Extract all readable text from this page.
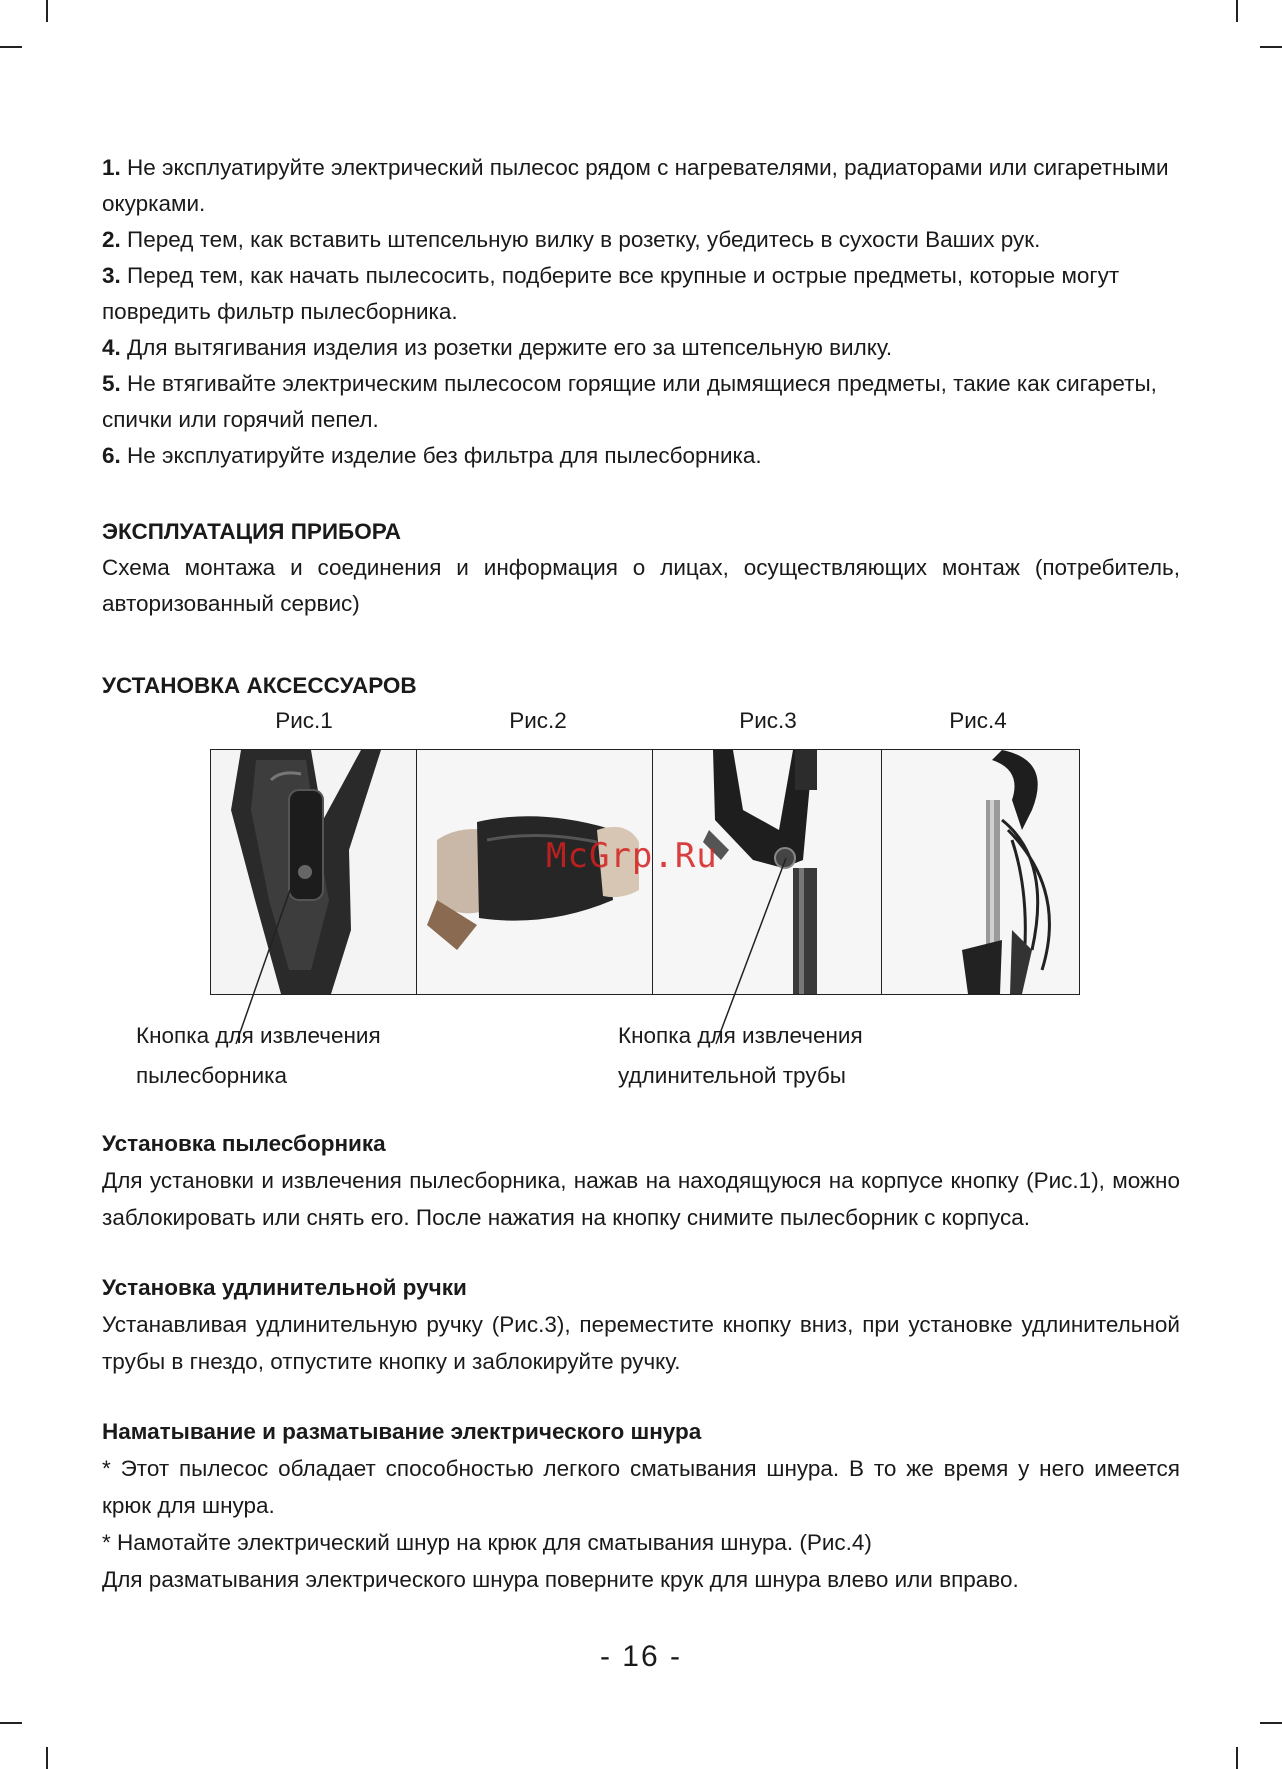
1. Не эксплуатируйте электрический пылесос рядом с нагревателями, радиаторами или сигаретными окурками.

2. Перед тем, как вставить штепсельную вилку в розетку, убедитесь в сухости Ваших рук.

3. Перед тем, как начать пылесосить, подберите все крупные и острые предметы, которые могут повредить фильтр пылесборника.

4. Для вытягивания изделия из розетки держите его за штепсельную вилку.

5. Не втягивайте электрическим пылесосом горящие или дымящиеся предметы, такие как сигареты, спички или горячий пепел.

6. Не эксплуатируйте изделие без фильтра для пылесборника.

ЭКСПЛУАТАЦИЯ ПРИБОРА

Схема монтажа и соединения и информация о лицах, осуществляющих монтаж (потребитель, авторизованный сервис)

УСТАНОВКА АКСЕССУАРОВ
Рис.1	Рис.2	Рис.3	Рис.4
McGrp.Ru
Кнопка для извлечения
пылесборника
Кнопка для извлечения
удлинительной трубы
Установка пылесборника

Для установки и извлечения пылесборника, нажав на находящуюся на корпусе кнопку (Рис.1), можно заблокировать или снять его. После нажатия на кнопку снимите пылесборник с корпуса.

Установка удлинительной ручки

Устанавливая удлинительную ручку (Рис.3), переместите кнопку вниз, при установке удлинительной трубы в гнездо, отпустите кнопку и заблокируйте ручку.

Наматывание и разматывание электрического шнура

* Этот пылесос обладает способностью легкого сматывания шнура. В то же время у него имеется крюк для шнура.

* Намотайте электрический шнур на крюк для сматывания шнура. (Рис.4)

Для разматывания электрического шнура поверните крук для шнура влево или вправо.

- 16 -
